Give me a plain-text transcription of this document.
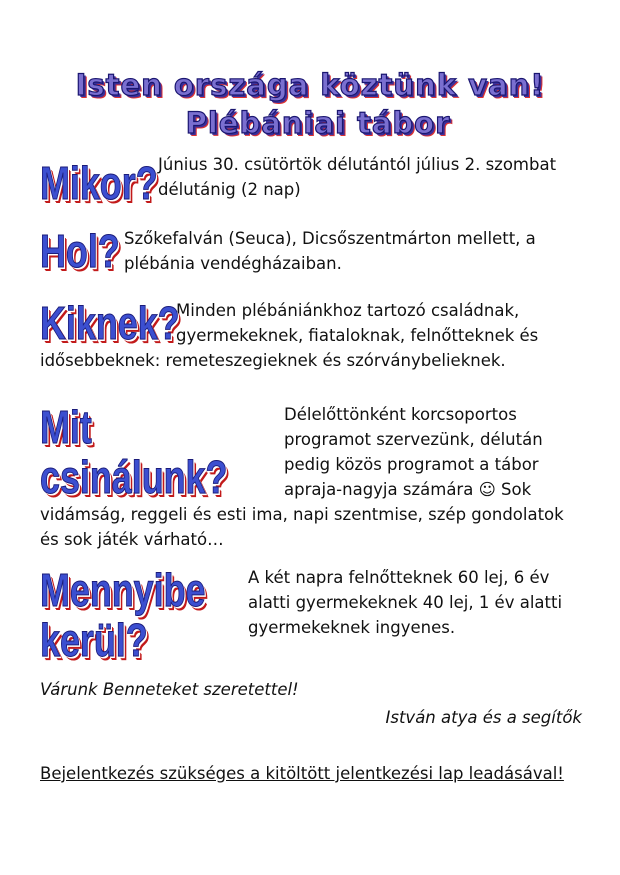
Isten országa köztünk van!
Plébániai tábor
Mikor? Június 30. csütörtök délutántól július 2. szombat délutánig (2 nap)
Hol? Szőkefalván (Seuca), Dicsőszentmárton mellett, a plébánia vendégházaiban.
Kiknek?
Minden plébániánkhoz tartozó családnak, gyermekeknek, fiataloknak, felnőtteknek és idősebbeknek: remeteszegieknek és szórványbelieknek.
Mit csinálunk?
Délelőttönként korcsoportos programot szervezünk, délután pedig közös programot a tábor apraja-nagyja számára ☺ Sok vidámság, reggeli és esti ima, napi szentmise, szép gondolatok és sok játék várható…
Mennyibe kerül?
A két napra felnőtteknek 60 lej, 6 év alatti gyermekeknek 40 lej, 1 év alatti gyermekeknek ingyenes.
Várunk Benneteket szeretettel!
István atya és a segítők
Bejelentkezés szükséges a kitöltött jelentkezési lap leadásával!
